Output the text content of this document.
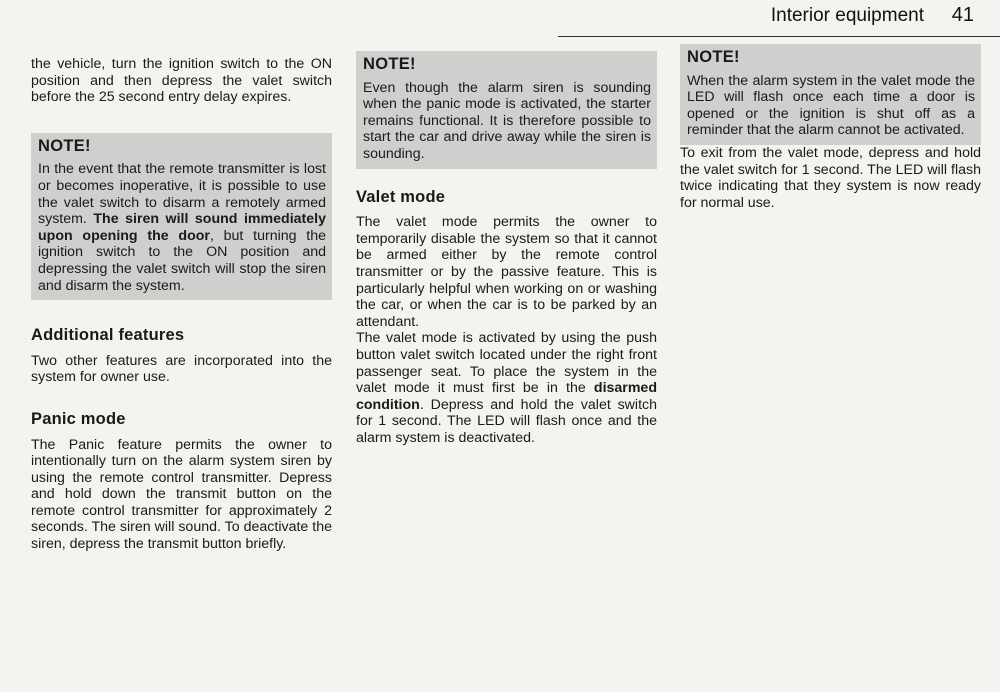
Interior equipment 41

the vehicle, turn the ignition switch to the ON position and then depress the valet switch before the 25 second entry delay expires.

NOTE!

In the event that the remote transmitter is lost or becomes inoperative, it is possible to use the valet switch to disarm a remotely armed system. The siren will sound immediately upon opening the door, but turning the ignition switch to the ON position and depressing the valet switch will stop the siren and disarm the system.

Additional features

Two other features are incorporated into the system for owner use.

Panic mode

The Panic feature permits the owner to intentionally turn on the alarm system siren by using the remote control transmitter. Depress and hold down the transmit button on the remote control transmitter for approximately 2 seconds. The siren will sound. To deactivate the siren, depress the transmit button briefly.

NOTE!

Even though the alarm siren is sounding when the panic mode is activated, the starter remains functional. It is therefore possible to start the car and drive away while the siren is sounding.

Valet mode

The valet mode permits the owner to temporarily disable the system so that it cannot be armed either by the remote control transmitter or by the passive feature. This is particularly helpful when working on or washing the car, or when the car is to be parked by an attendant.

The valet mode is activated by using the push button valet switch located under the right front passenger seat. To place the system in the valet mode it must first be in the disarmed condition. Depress and hold the valet switch for 1 second. The LED will flash once and the alarm system is deactivated.

NOTE!

When the alarm system in the valet mode the LED will flash once each time a door is opened or the ignition is shut off as a reminder that the alarm cannot be activated.

To exit from the valet mode, depress and hold the valet switch for 1 second. The LED will flash twice indicating that they system is now ready for normal use.
